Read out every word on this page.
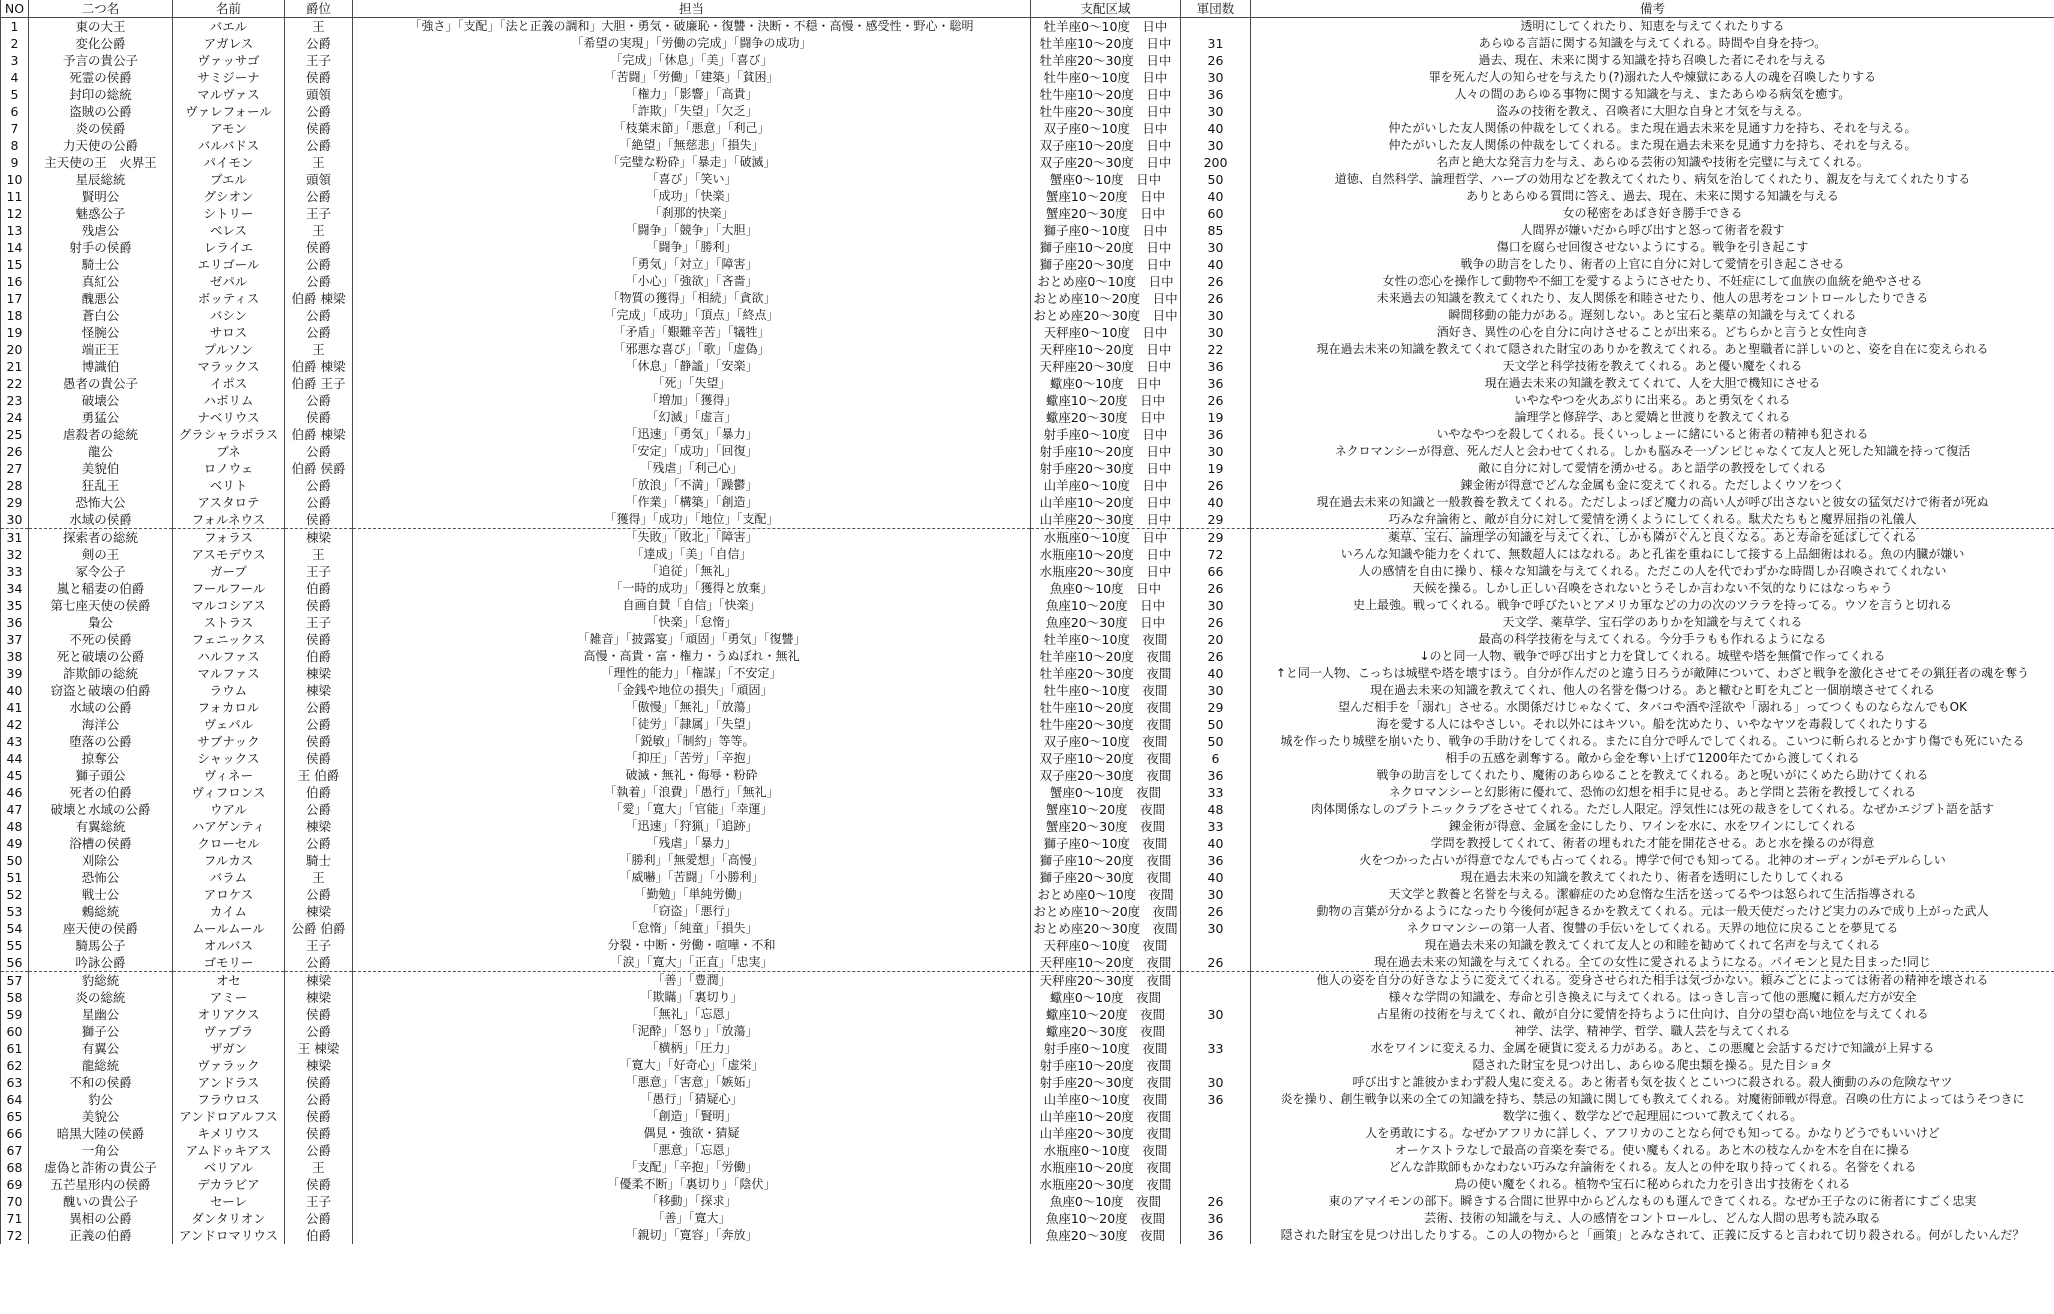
NO	二つ名	名前	爵位	担当	支配区域	軍団数	備考
1	東の大王	バエル	王	「強さ」「支配」「法と正義の調和」大胆・勇気・破廉恥・復讐・決断・不穏・高慢・感受性・野心・聡明	牡羊座0～10度　日中		透明にしてくれたり、知恵を与えてくれたりする
2	変化公爵	アガレス	公爵	「希望の実現」「労働の完成」「闘争の成功」	牡羊座10～20度　日中	31	あらゆる言語に関する知識を与えてくれる。時間や自身を持つ。
3	予言の貴公子	ヴァッサゴ	王子	「完成」「休息」「美」「喜び」	牡羊座20～30度　日中	26	過去、現在、未来に関する知識を持ち召喚した者にそれを与える
4	死霊の侯爵	サミジーナ	侯爵	「苦闘」「労働」「建築」「貧困」	牡牛座0～10度　日中	30	罪を死んだ人の知らせを与えたり(?)溺れた人や煉獄にある人の魂を召喚したりする
5	封印の総統	マルヴァス	頭領	「権力」「影響」「高貴」	牡牛座10～20度　日中	36	人々の間のあらゆる事物に関する知識を与え、またあらゆる病気を癒す。
6	盗賊の公爵	ヴァレフォール	公爵	「詐欺」「失望」「欠乏」	牡牛座20～30度　日中	30	盗みの技術を教え、召喚者に大胆な自身と才気を与える。
7	炎の侯爵	アモン	侯爵	「枝葉末節」「悪意」「利己」	双子座0～10度　日中	40	仲たがいした友人関係の仲裁をしてくれる。また現在過去未来を見通す力を持ち、それを与える。
8	力天使の公爵	バルバドス	公爵	「絶望」「無慈悲」「損失」	双子座10～20度　日中	30	仲たがいした友人関係の仲裁をしてくれる。また現在過去未来を見通す力を持ち、それを与える。
9	主天使の王　火界王	パイモン	王	「完璧な粉砕」「暴走」「破滅」	双子座20～30度　日中	200	名声と絶大な発言力を与え、あらゆる芸術の知識や技術を完璧に与えてくれる。
10	星辰総統	ブエル	頭領	「喜び」「笑い」	蟹座0～10度　日中	50	道徳、自然科学、論理哲学、ハーブの効用などを教えてくれたり、病気を治してくれたり、親友を与えてくれたりする
11	賢明公	グシオン	公爵	「成功」「快楽」	蟹座10～20度　日中	40	ありとあらゆる質問に答え、過去、現在、未来に関する知識を与える
12	魅惑公子	シトリー	王子	「刹那的快楽」	蟹座20～30度　日中	60	女の秘密をあばき好き勝手できる
13	残虐公	ベレス	王	「闘争」「競争」「大胆」	獅子座0～10度　日中	85	人間界が嫌いだから呼び出すと怒って術者を殺す
14	射手の侯爵	レライエ	侯爵	「闘争」「勝利」	獅子座10～20度　日中	30	傷口を腐らせ回復させないようにする。戦争を引き起こす
15	騎士公	エリゴール	公爵	「勇気」「対立」「障害」	獅子座20～30度　日中	40	戦争の助言をしたり、術者の上官に自分に対して愛情を引き起こさせる
16	真紅公	ゼパル	公爵	「小心」「強欲」「吝嗇」	おとめ座0～10度　日中	26	女性の恋心を操作して動物や不細工を愛するようにさせたり、不妊症にして血族の血統を絶やさせる
17	醜悪公	ボッティス	伯爵 棟梁	「物質の獲得」「相続」「貪欲」	おとめ座10～20度　日中	26	未来過去の知識を教えてくれたり、友人関係を和睦させたり、他人の思考をコントロールしたりできる
18	蒼白公	バシン	公爵	「完成」「成功」「頂点」「終点」	おとめ座20～30度　日中	30	瞬間移動の能力がある。遅刻しない。あと宝石と薬草の知識を与えてくれる
19	怪腕公	サロス	公爵	「矛盾」「艱難辛苦」「犠牲」	天秤座0～10度　日中	30	酒好き、異性の心を自分に向けさせることが出来る。どちらかと言うと女性向き
20	端正王	プルソン	王	「邪悪な喜び」「歌」「虚偽」	天秤座10～20度　日中	22	現在過去未来の知識を教えてくれて隠された財宝のありかを教えてくれる。あと聖職者に詳しいのと、姿を自在に変えられる
21	博識伯	マラックス	伯爵 棟梁	「休息」「静謐」「安楽」	天秤座20～30度　日中	36	天文学と科学技術を教えてくれる。あと優い魔をくれる
22	愚者の貴公子	イポス	伯爵 王子	「死」「失望」	蠍座0～10度　日中	36	現在過去未来の知識を教えてくれて、人を大胆で機知にさせる
23	破壊公	ハボリム	公爵	「増加」「獲得」	蠍座10～20度　日中	26	いやなやつを火あぶりに出来る。あと勇気をくれる
24	勇猛公	ナベリウス	侯爵	「幻滅」「虚言」	蠍座20～30度　日中	19	論理学と修辞学、あと愛嬌と世渡りを教えてくれる
25	虐殺者の総統	グラシャラボラス	伯爵 棟梁	「迅速」「勇気」「暴力」	射手座0～10度　日中	36	いやなやつを殺してくれる。長くいっしょーに緒にいると術者の精神も犯される
26	龍公	ブネ	公爵	「安定」「成功」「回復」	射手座10～20度　日中	30	ネクロマンシーが得意、死んだ人と会わせてくれる。しかも脳みそ一ゾンビじゃなくて友人と死した知識を持って復活
27	美貌伯	ロノウェ	伯爵 侯爵	「残虐」「利己心」	射手座20～30度　日中	19	敵に自分に対して愛情を湧かせる。あと語学の教授をしてくれる
28	狂乱王	ベリト	公爵	「放浪」「不満」「躁鬱」	山羊座0～10度　日中	26	錬金術が得意でどんな金属も金に変えてくれる。ただしよくウソをつく
29	恐怖大公	アスタロテ	公爵	「作業」「構築」「創造」	山羊座10～20度　日中	40	現在過去未来の知識と一般教養を教えてくれる。ただしよっぽど魔力の高い人が呼び出さないと彼女の猛気だけで術者が死ぬ
30	水域の侯爵	フォルネウス	侯爵	「獲得」「成功」「地位」「支配」	山羊座20～30度　日中	29	巧みな弁論術と、敵が自分に対して愛情を湧くようにしてくれる。駄犬たちもと魔界屈指の礼儀人
31	探索者の総統	フォラス	棟梁	「失敗」「敗北」「障害」	水瓶座0～10度　日中	29	薬草、宝石、論理学の知識を与えてくれ、しかも隣がぐんと良くなる。あと寿命を延ばしてくれる
32	剣の王	アスモデウス	王	「達成」「美」「自信」	水瓶座10～20度　日中	72	いろんな知識や能力をくれて、無数超人にはなれる。あと孔雀を重ねにして接する上品細術はれる。魚の内臓が嫌い
33	冢令公子	ガープ	王子	「追従」「無礼」	水瓶座20～30度　日中	66	人の感情を自由に操り、様々な知識を与えてくれる。ただこの人を代でわずかな時間しか召喚されてくれない
34	嵐と稲妻の伯爵	フールフール	伯爵	「一時的成功」「獲得と放棄」	魚座0～10度　日中	26	天候を操る。しかし正しい召喚をされないとうそしか言わない不気的なりにはなっちゃう
35	第七座天使の侯爵	マルコシアス	侯爵	自画自賛「自信」「快楽」	魚座10～20度　日中	30	史上最強。戦ってくれる。戦争で呼びたいとアメリカ軍などの力の次のツララを持ってる。ウソを言うと切れる
36	梟公	ストラス	王子	「快楽」「怠惰」	魚座20～30度　日中	26	天文学、薬草学、宝石学のありかを知識を与えてくれる
37	不死の侯爵	フェニックス	侯爵	「雑音」「披露宴」「頑固」「勇気」「復讐」	牡羊座0～10度　夜間	20	最高の科学技術を与えてくれる。今分手ラもも作れるようになる
38	死と破壊の公爵	ハルファス	伯爵	高慢・高貴・富・権力・うぬぼれ・無礼	牡羊座10～20度　夜間	26	↓のと同一人物、戦争で呼び出すと力を貸してくれる。城壁や塔を無償で作ってくれる
39	詐欺師の総統	マルファス	棟梁	「理性的能力」「権謀」「不安定」	牡羊座20～30度　夜間	40	↑と同一人物、こっちは城壁や塔を壊すほう。自分が作んだのと違う日ろうが敵陣について、わざと戦争を激化させてその猟狂者の魂を奪う
40	窃盗と破壊の伯爵	ラウム	棟梁	「金銭や地位の損失」「頑固」	牡牛座0～10度　夜間	30	現在過去未来の知識を教えてくれ、他人の名誉を傷つける。あと轍むと町を丸ごと一個崩壊させてくれる
41	水域の公爵	フォカロル	公爵	「傲慢」「無礼」「放蕩」	牡牛座10～20度　夜間	29	望んだ相手を「溺れ」させる。水関係だけじゃなくて、タバコや酒や淫欲や「溺れる」ってつくものならなんでもOK
42	海洋公	ヴェパル	公爵	「徒労」「隷属」「失望」	牡牛座20～30度　夜間	50	海を愛する人にはやさしい。それ以外にはキツい。船を沈めたり、いやなヤツを毒殺してくれたりする
43	堕落の公爵	サブナック	侯爵	「鋭敏」「制約」等等。	双子座0～10度　夜間	50	城を作ったり城壁を崩いたり、戦争の手助けをしてくれる。またに自分で呼んでしてくれる。こいつに斬られるとかすり傷でも死にいたる
44	掠奪公	シャックス	侯爵	「抑圧」「苦労」「辛抱」	双子座10～20度　夜間	6	相手の五感を剥奪する。敵から金を奪い上げて1200年たてから渡してくれる
45	獅子頭公	ヴィネー	王 伯爵	破滅・無礼・侮辱・粉砕	双子座20～30度　夜間	36	戦争の助言をしてくれたり、魔術のあらゆることを教えてくれる。あと呪いがにくめたら助けてくれる
46	死者の伯爵	ヴィフロンス	伯爵	「執着」「浪費」「愚行」「無礼」	蟹座0～10度　夜間	33	ネクロマンシーと幻影術に優れて、恐怖の幻想を相手に見せる。あと学問と芸術を教授してくれる
47	破壊と水域の公爵	ウアル	公爵	「愛」「寛大」「官能」「幸運」	蟹座10～20度　夜間	48	肉体関係なしのプラトニックラブをさせてくれる。ただし人限定。浮気性には死の裁きをしてくれる。なぜかエジプト語を話す
48	有翼総統	ハアゲンティ	棟梁	「迅速」「狩猟」「追跡」	蟹座20～30度　夜間	33	錬金術が得意、金属を金にしたり、ワインを水に、水をワインにしてくれる
49	浴槽の侯爵	クローセル	公爵	「残虐」「暴力」	獅子座0～10度　夜間	40	学問を教授してくれて、術者の埋もれた才能を開花させる。あと水を操るのが得意
50	刈除公	フルカス	騎士	「勝利」「無愛想」「高慢」	獅子座10～20度　夜間	36	火をつかった占いが得意でなんでも占ってくれる。博学で何でも知ってる。北神のオーディンがモデルらしい
51	恐怖公	バラム	王	「威嚇」「苦闘」「小勝利」	獅子座20～30度　夜間	40	現在過去未来の知識を教えてくれたり、術者を透明にしたりしてくれる
52	戦士公	アロケス	公爵	「勤勉」「単純労働」	おとめ座0～10度　夜間	30	天文学と教養と名誉を与える。潔癖症のため怠惰な生活を送ってるやつは怒られて生活指導される
53	鶫総統	カイム	棟梁	「窃盗」「悪行」	おとめ座10～20度　夜間	26	動物の言葉が分かるようになったり今後何が起きるかを教えてくれる。元は一般天使だったけど実力のみで成り上がった武人
54	座天使の侯爵	ムールムール	公爵 伯爵	「怠惰」「純童」「損失」	おとめ座20～30度　夜間	30	ネクロマンシーの第一人者、復讐の手伝いをしてくれる。天界の地位に戻ることを夢見てる
55	騎馬公子	オルバス	王子	分裂・中断・労働・喧嘩・不和	天秤座0～10度　夜間		現在過去未来の知識を教えてくれて友人との和睦を勧めてくれて名声を与えてくれる
56	吟詠公爵	ゴモリー	公爵	「涙」「寛大」「正直」「忠実」	天秤座10～20度　夜間	26	現在過去未来の知識を与えてくれる。全ての女性に愛されるようになる。パイモンと見た目まった!同じ
57	豹総統	オセ	棟梁	「善」「豊潤」	天秤座20～30度　夜間		他人の姿を自分の好きなように変えてくれる。変身させられた相手は気づかない。頼みごとによっては術者の精神を壊される
58	炎の総統	アミー	棟梁	「欺瞞」「裏切り」	蠍座0～10度　夜間		様々な学問の知識を、寿命と引き換えに与えてくれる。はっきし言って他の悪魔に頼んだ方が安全
59	星幽公	オリアクス	侯爵	「無礼」「忘恩」	蠍座10～20度　夜間	30	占星術の技術を与えてくれ、敵が自分に愛情を持ちように仕向け、自分の望む高い地位を与えてくれる
60	獅子公	ヴァプラ	公爵	「泥酔」「怒り」「放蕩」	蠍座20～30度　夜間		神学、法学、精神学、哲学、職人芸を与えてくれる
61	有翼公	ザガン	王 棟梁	「横柄」「圧力」	射手座0～10度　夜間	33	水をワインに変える力、金属を硬貨に変える力がある。あと、この悪魔と会話するだけで知識が上昇する
62	龍総統	ヴァラック	棟梁	「寛大」「好奇心」「虚栄」	射手座10～20度　夜間		隠された財宝を見つけ出し、あらゆる爬虫類を操る。見た目ショタ
63	不和の侯爵	アンドラス	侯爵	「悪意」「害意」「嫉妬」	射手座20～30度　夜間	30	呼び出すと誰彼かまわず殺人鬼に変える。あと術者も気を抜くとこいつに殺される。殺人衝動のみの危険なヤツ
64	豹公	フラウロス	公爵	「愚行」「猜疑心」	山羊座0～10度　夜間	36	炎を操り、創生戦争以来の全ての知識を持ち、禁忌の知識に関しても教えてくれる。対魔術師戦が得意。召喚の仕方によってはうそつきに
65	美貌公	アンドロアルフス	侯爵	「創造」「賢明」	山羊座10～20度　夜間		数学に強く、数学などで起理屈について教えてくれる。
66	暗黒大陸の侯爵	キメリウス	侯爵	偶見・強欲・猜疑	山羊座20～30度　夜間		人を勇敢にする。なぜかアフリカに詳しく、アフリカのことなら何でも知ってる。かなりどうでもいいけど
67	一角公	アムドゥキアス	公爵	「悪意」「忘恩」	水瓶座0～10度　夜間		オーケストラなしで最高の音楽を奏でる。使い魔もくれる。あと木の枝なんかを木を自在に操る
68	虚偽と詐術の貴公子	ベリアル	王	「支配」「辛抱」「労働」	水瓶座10～20度　夜間		どんな詐欺師もかなわない巧みな弁論術をくれる。友人との仲を取り持ってくれる。名誉をくれる
69	五芒星形内の侯爵	デカラビア	侯爵	「優柔不断」「裏切り」「陰伏」	水瓶座20～30度　夜間		鳥の使い魔をくれる。植物や宝石に秘められた力を引き出す技術をくれる
70	醜いの貴公子	セーレ	王子	「移動」「探求」	魚座0～10度　夜間	26	東のアマイモンの部下。瞬きする合間に世界中からどんなものも運んできてくれる。なぜか王子なのに術者にすごく忠実
71	異相の公爵	ダンタリオン	公爵	「善」「寛大」	魚座10～20度　夜間	36	芸術、技術の知識を与え、人の感情をコントロールし、どんな人間の思考も読み取る
72	正義の伯爵	アンドロマリウス	伯爵	「親切」「寛容」「奔放」	魚座20～30度　夜間	36	隠された財宝を見つけ出したりする。この人の物からと「画策」とみなされて、正義に反すると言われて切り殺される。何がしたいんだ？
